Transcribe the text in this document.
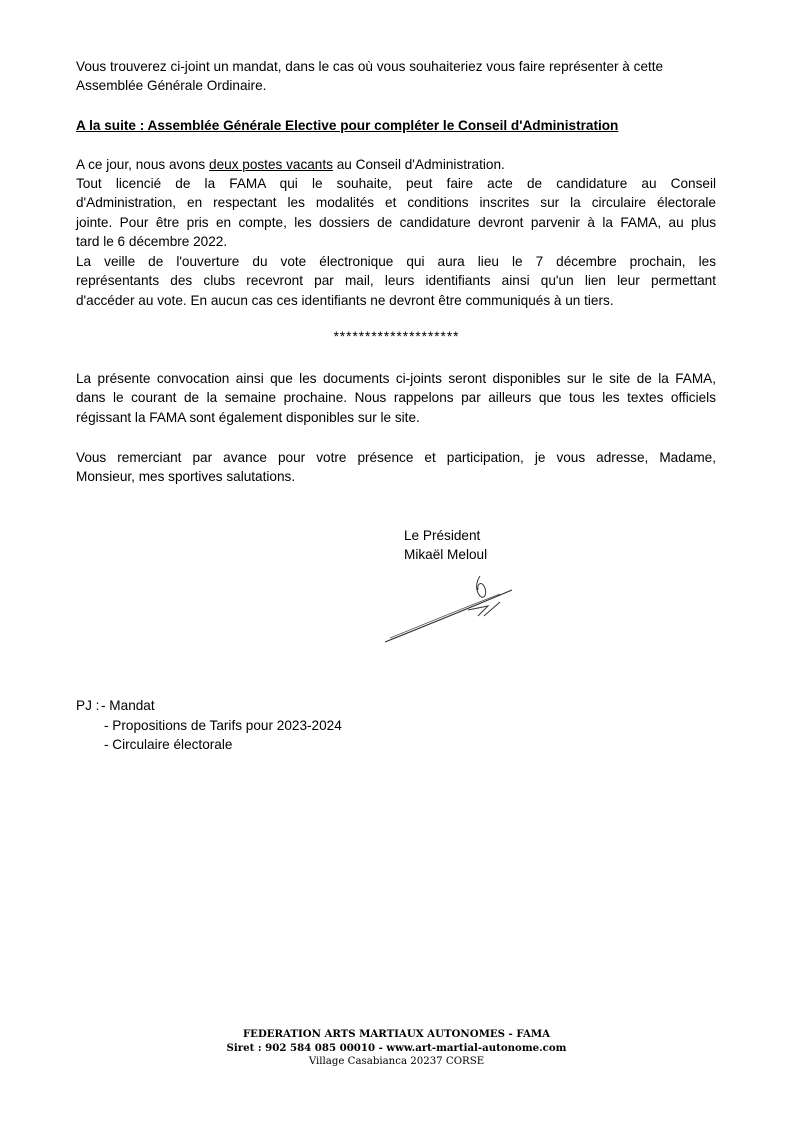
Vous trouverez ci-joint un mandat, dans le cas où vous souhaiteriez vous faire représenter à cette
Assemblée Générale Ordinaire.
A la suite : Assemblée Générale Elective pour compléter le Conseil d'Administration
A ce jour, nous avons deux postes vacants au Conseil d'Administration.
Tout licencié de la FAMA qui le souhaite, peut faire acte de candidature au Conseil
d'Administration, en respectant les modalités et conditions inscrites sur la circulaire électorale
jointe. Pour être pris en compte, les dossiers de candidature devront parvenir à la FAMA, au plus
tard le 6 décembre 2022.
La veille de l'ouverture du vote électronique qui aura lieu le 7 décembre prochain, les
représentants des clubs recevront par mail, leurs identifiants ainsi qu'un lien leur permettant
d'accéder au vote. En aucun cas ces identifiants ne devront être communiqués à un tiers.
********************
La présente convocation ainsi que les documents ci-joints seront disponibles sur le site de la FAMA,
dans le courant de la semaine prochaine. Nous rappelons par ailleurs que tous les textes officiels
régissant la FAMA sont également disponibles sur le site.
Vous remerciant par avance pour votre présence et participation, je vous adresse, Madame,
Monsieur, mes sportives salutations.
Le Président
Mikaël Meloul
PJ : - Mandat
- Propositions de Tarifs pour 2023-2024
- Circulaire électorale
FEDERATION ARTS MARTIAUX AUTONOMES - FAMA
Siret : 902 584 085 00010 - www.art-martial-autonome.com
Village Casabianca 20237 CORSE
